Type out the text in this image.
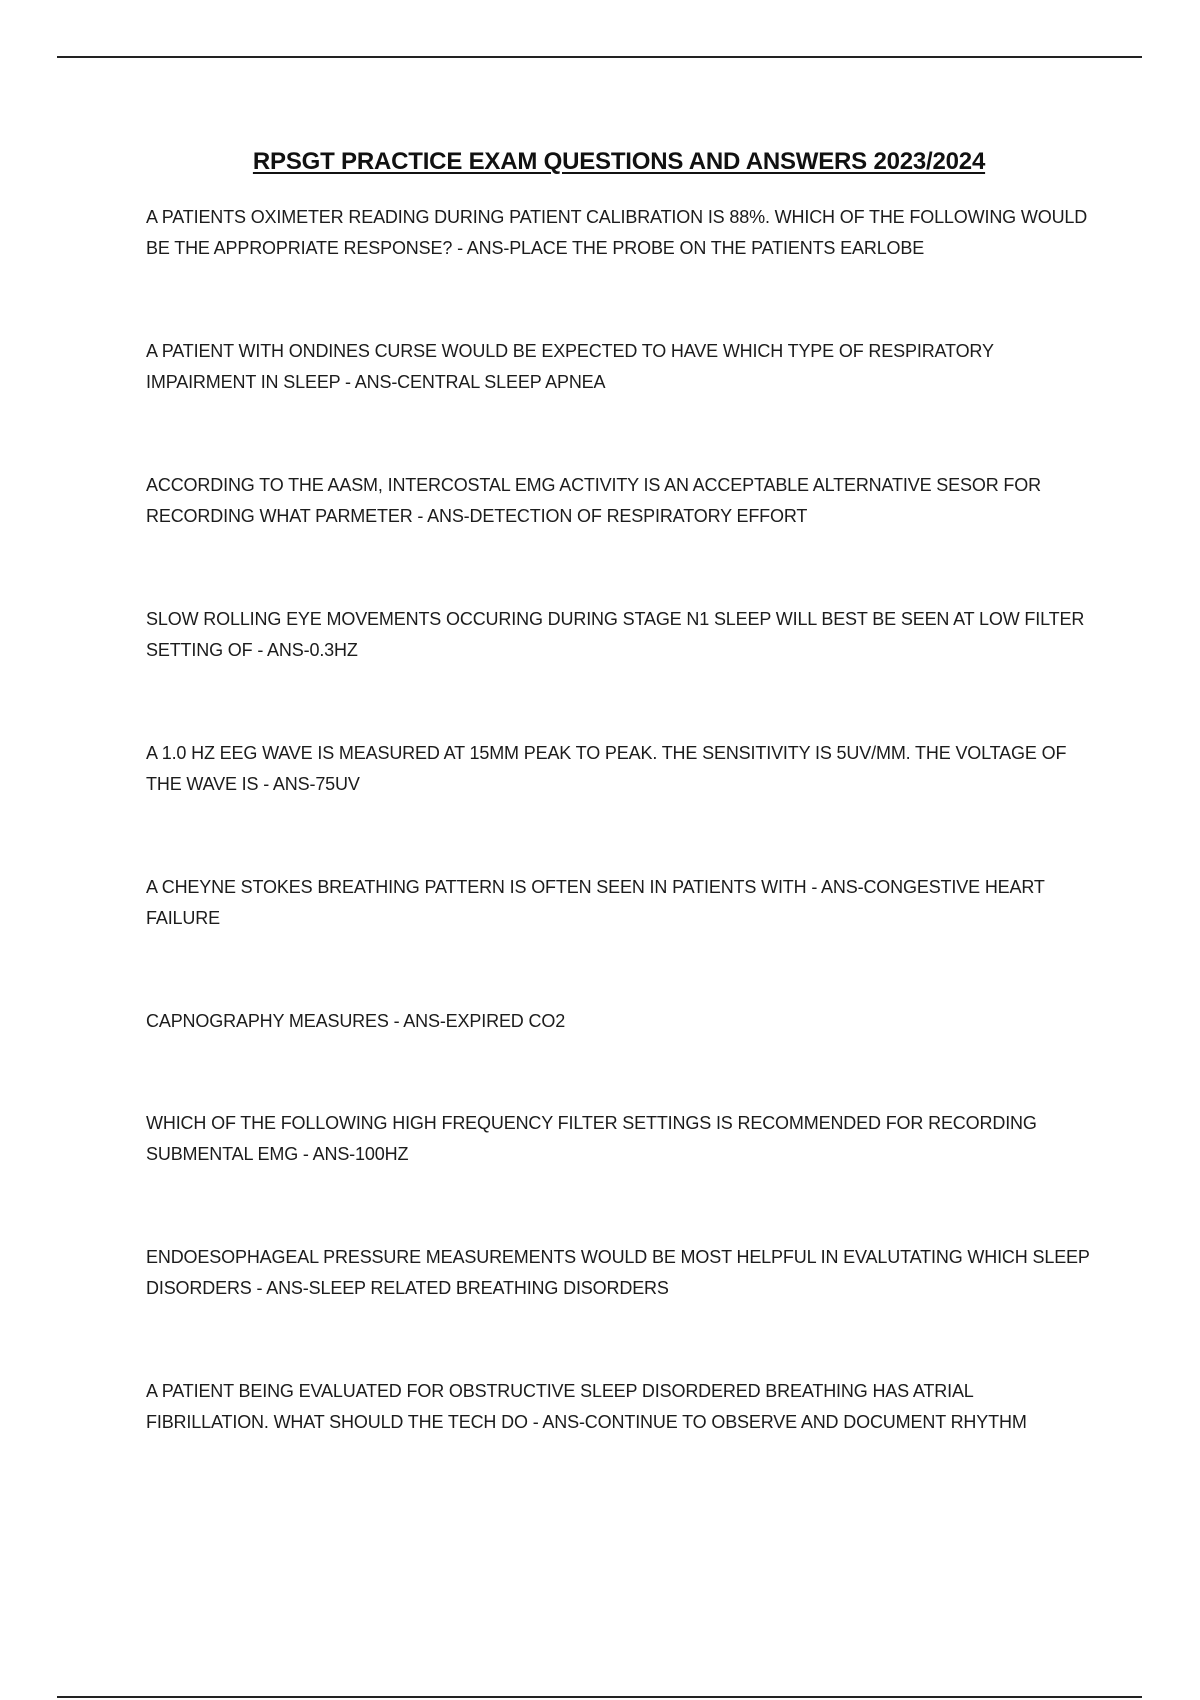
RPSGT PRACTICE EXAM QUESTIONS AND ANSWERS 2023/2024

A PATIENTS OXIMETER READING DURING PATIENT CALIBRATION IS 88%. WHICH OF THE FOLLOWING WOULD BE THE APPROPRIATE RESPONSE? - ANS-PLACE THE PROBE ON THE PATIENTS EARLOBE

A PATIENT WITH ONDINES CURSE WOULD BE EXPECTED TO HAVE WHICH TYPE OF RESPIRATORY IMPAIRMENT IN SLEEP - ANS-CENTRAL SLEEP APNEA

ACCORDING TO THE AASM, INTERCOSTAL EMG ACTIVITY IS AN ACCEPTABLE ALTERNATIVE SESOR FOR RECORDING WHAT PARMETER - ANS-DETECTION OF RESPIRATORY EFFORT

SLOW ROLLING EYE MOVEMENTS OCCURING DURING STAGE N1 SLEEP WILL BEST BE SEEN AT LOW FILTER SETTING OF - ANS-0.3HZ

A 1.0 HZ EEG WAVE IS MEASURED AT 15MM PEAK TO PEAK. THE SENSITIVITY IS 5UV/MM. THE VOLTAGE OF THE WAVE IS - ANS-75UV

A CHEYNE STOKES BREATHING PATTERN IS OFTEN SEEN IN PATIENTS WITH - ANS-CONGESTIVE HEART FAILURE

CAPNOGRAPHY MEASURES - ANS-EXPIRED CO2

WHICH OF THE FOLLOWING HIGH FREQUENCY FILTER SETTINGS IS RECOMMENDED FOR RECORDING SUBMENTAL EMG - ANS-100HZ

ENDOESOPHAGEAL PRESSURE MEASUREMENTS WOULD BE MOST HELPFUL IN EVALUTATING WHICH SLEEP DISORDERS - ANS-SLEEP RELATED BREATHING DISORDERS

A PATIENT BEING EVALUATED FOR OBSTRUCTIVE SLEEP DISORDERED BREATHING HAS ATRIAL FIBRILLATION. WHAT SHOULD THE TECH DO - ANS-CONTINUE TO OBSERVE AND DOCUMENT RHYTHM
